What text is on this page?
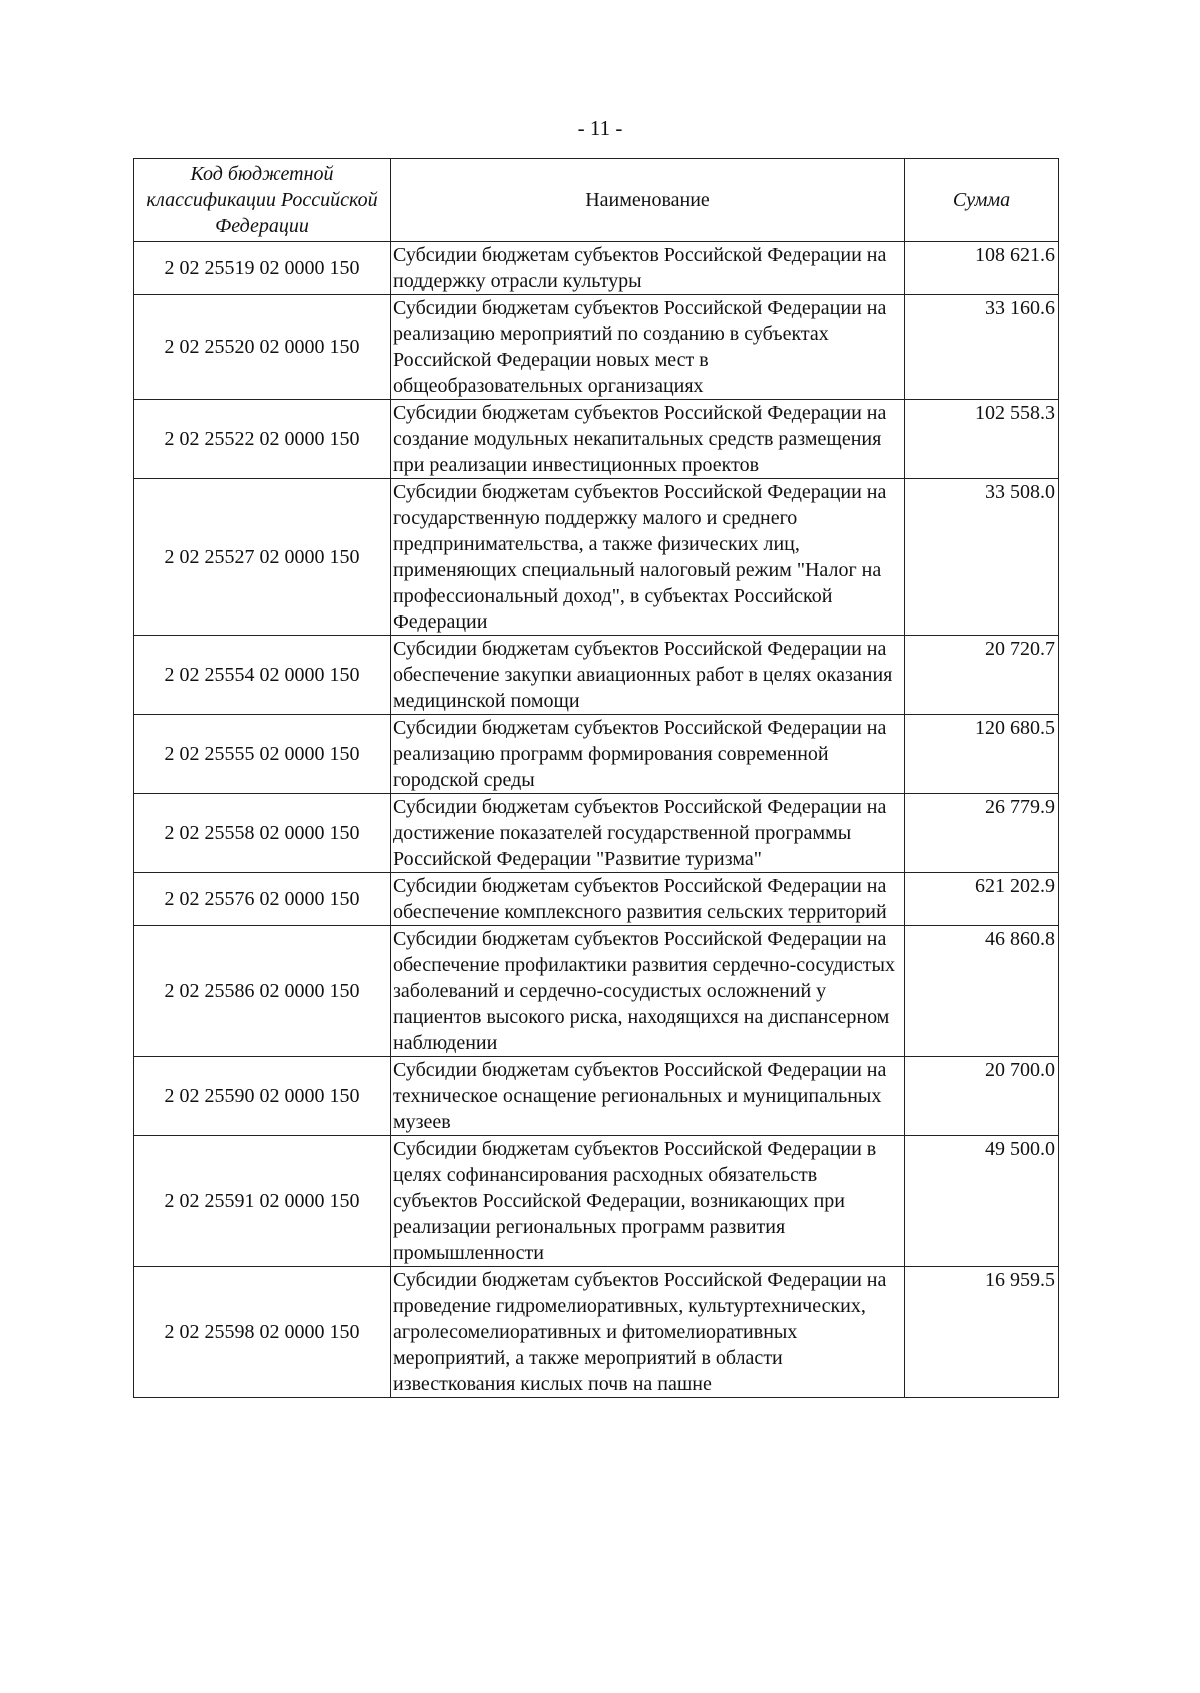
- 11 -
Код бюджетной классификации Российской Федерации	Наименование	Сумма
2 02 25519 02 0000 150	Субсидии бюджетам субъектов Российской Федерации на поддержку отрасли культуры	108 621.6
2 02 25520 02 0000 150	Субсидии бюджетам субъектов Российской Федерации на реализацию мероприятий по созданию в субъектах Российской Федерации новых мест в общеобразовательных организациях	33 160.6
2 02 25522 02 0000 150	Субсидии бюджетам субъектов Российской Федерации на создание модульных некапитальных средств размещения при реализации инвестиционных проектов	102 558.3
2 02 25527 02 0000 150	Субсидии бюджетам субъектов Российской Федерации на государственную поддержку малого и среднего предпринимательства, а также физических лиц, применяющих специальный налоговый режим "Налог на профессиональный доход", в субъектах Российской Федерации	33 508.0
2 02 25554 02 0000 150	Субсидии бюджетам субъектов Российской Федерации на обеспечение закупки авиационных работ в целях оказания медицинской помощи	20 720.7
2 02 25555 02 0000 150	Субсидии бюджетам субъектов Российской Федерации на реализацию программ формирования современной городской среды	120 680.5
2 02 25558 02 0000 150	Субсидии бюджетам субъектов Российской Федерации на достижение показателей государственной программы Российской Федерации "Развитие туризма"	26 779.9
2 02 25576 02 0000 150	Субсидии бюджетам субъектов Российской Федерации на обеспечение комплексного развития сельских территорий	621 202.9
2 02 25586 02 0000 150	Субсидии бюджетам субъектов Российской Федерации на обеспечение профилактики развития сердечно-сосудистых заболеваний и сердечно-сосудистых осложнений у пациентов высокого риска, находящихся на диспансерном наблюдении	46 860.8
2 02 25590 02 0000 150	Субсидии бюджетам субъектов Российской Федерации на техническое оснащение региональных и муниципальных музеев	20 700.0
2 02 25591 02 0000 150	Субсидии бюджетам субъектов Российской Федерации в целях софинансирования расходных обязательств субъектов Российской Федерации, возникающих при реализации региональных программ развития промышленности	49 500.0
2 02 25598 02 0000 150	Субсидии бюджетам субъектов Российской Федерации на проведение гидромелиоративных, культуртехнических, агролесомелиоративных и фитомелиоративных мероприятий, а также мероприятий в области известкования кислых почв на пашне	16 959.5
